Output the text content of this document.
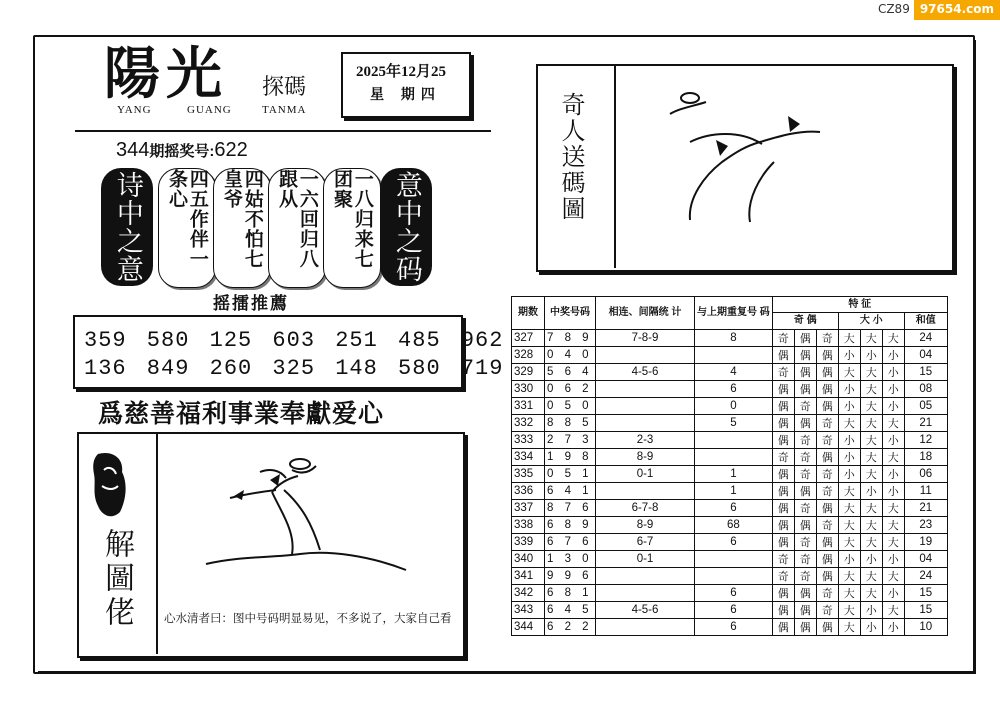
CZ89 97654.com
陽光 探碼
YANG	GUANG	TANMA
2025年12月25
星 期四
344期摇奖号:622
诗中之意	四五作伴一条心	四姑不怕七皇爷	一六回归八跟从	一八归来七团聚	意中之码
摇擂推薦
359 580 125 603 251 485 962
136 849 260 325 148 580 719
爲慈善福利事業奉獻爱心
解圖佬	心水清者曰：图中号码明显易见，不多说了，大家自己看
奇人送碼圖
期数	中奖号码	相连、间隔统 计	与上期重复号 码	特 征						
				奇 偶			大 小			和值
327	7 8 9	7-8-9	8	奇	偶	奇	大	大	大	24
328	0 4 0			偶	偶	偶	小	小	小	04
329	5 6 4	4-5-6	4	奇	偶	偶	大	大	小	15
330	0 6 2		6	偶	偶	偶	小	大	小	08
331	0 5 0		0	偶	奇	偶	小	大	小	05
332	8 8 5		5	偶	偶	奇	大	大	大	21
333	2 7 3	2-3		偶	奇	奇	小	大	小	12
334	1 9 8	8-9		奇	奇	偶	小	大	大	18
335	0 5 1	0-1	1	偶	奇	奇	小	大	小	06
336	6 4 1		1	偶	偶	奇	大	小	小	11
337	8 7 6	6-7-8	6	偶	奇	偶	大	大	大	21
338	6 8 9	8-9	68	偶	偶	奇	大	大	大	23
339	6 7 6	6-7	6	偶	奇	偶	大	大	大	19
340	1 3 0	0-1		奇	奇	偶	小	小	小	04
341	9 9 6			奇	奇	偶	大	大	大	24
342	6 8 1		6	偶	偶	奇	大	大	小	15
343	6 4 5	4-5-6	6	偶	偶	奇	大	小	大	15
344	6 2 2		6	偶	偶	偶	大	小	小	10
